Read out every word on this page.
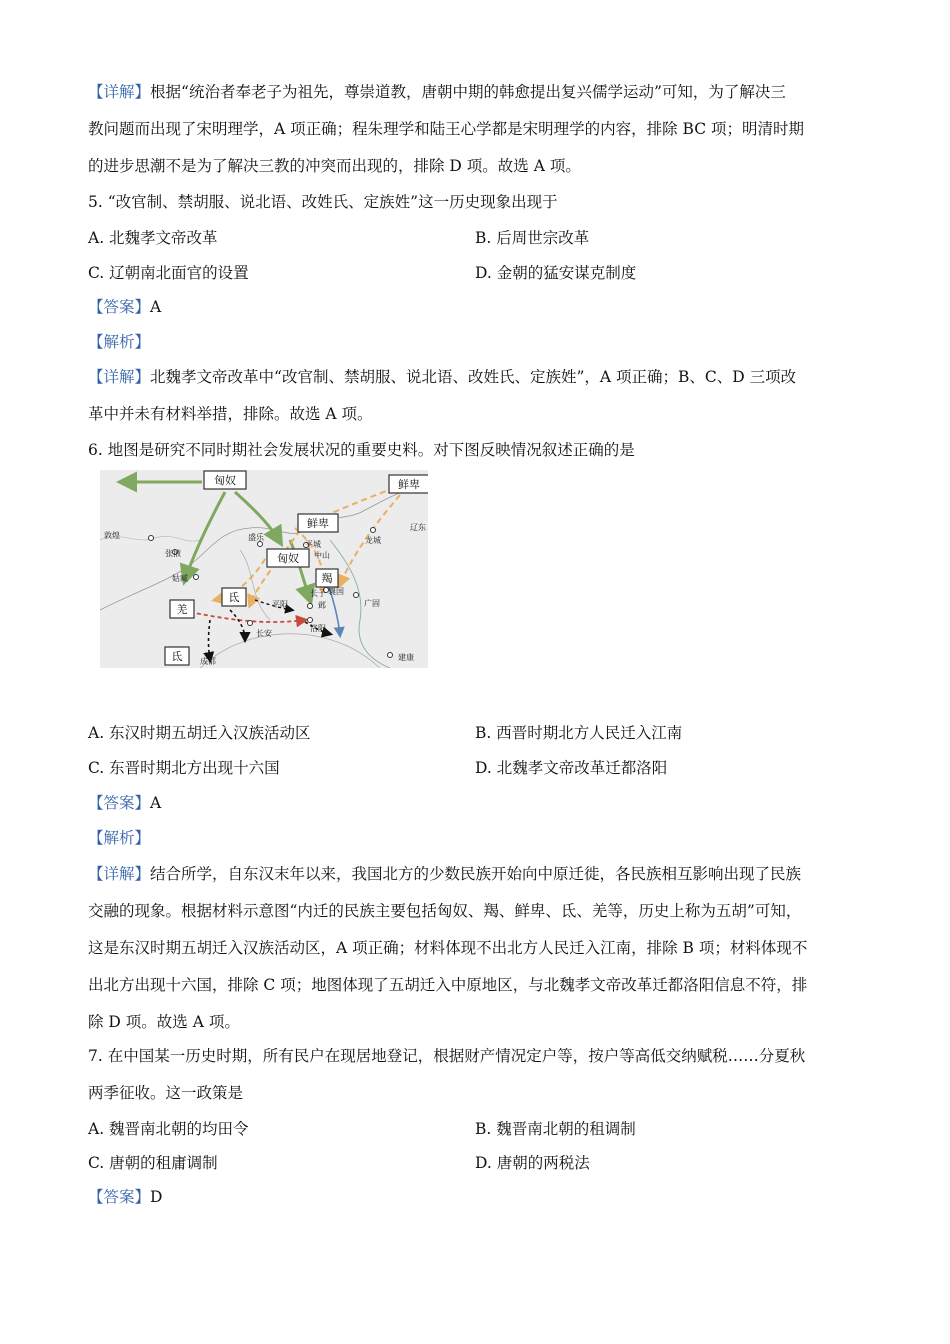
【详解】根据“统治者奉老子为祖先，尊崇道教，唐朝中期的韩愈提出复兴儒学运动”可知，为了解决三
教问题而出现了宋明理学，A 项正确；程朱理学和陆王心学都是宋明理学的内容，排除 BC 项；明清时期
的进步思潮不是为了解决三教的冲突而出现的，排除 D 项。故选 A 项。
5. “改官制、禁胡服、说北语、改姓氏、定族姓”这一历史现象出现于
A. 北魏孝文帝改革	B. 后周世宗改革
C. 辽朝南北面官的设置	D. 金朝的猛安谋克制度
【答案】A
【解析】
【详解】北魏孝文帝改革中“改官制、禁胡服、说北语、改姓氏、定族姓”，A 项正确；B、C、D 三项改
革中并未有材料举措，排除。故选 A 项。
6. 地图是研究不同时期社会发展状况的重要史料。对下图反映情况叙述正确的是
敦煌
张掖
姑臧
盛乐
平城
中山
龙城
辽东
长子
邺
襄国
广固
平阳
长安
洛阳
成都	建康
匈奴	鲜卑
鲜卑
匈奴
羯
羌
氐
氐
A. 东汉时期五胡迁入汉族活动区	B. 西晋时期北方人民迁入江南
C. 东晋时期北方出现十六国	D. 北魏孝文帝改革迁都洛阳
【答案】A
【解析】
【详解】结合所学，自东汉末年以来，我国北方的少数民族开始向中原迁徙，各民族相互影响出现了民族
交融的现象。根据材料示意图“内迁的民族主要包括匈奴、羯、鲜卑、氐、羌等，历史上称为五胡”可知，
这是东汉时期五胡迁入汉族活动区，A 项正确；材料体现不出北方人民迁入江南，排除 B 项；材料体现不
出北方出现十六国，排除 C 项；地图体现了五胡迁入中原地区，与北魏孝文帝改革迁都洛阳信息不符，排
除 D 项。故选 A 项。
7. 在中国某一历史时期，所有民户在现居地登记，根据财产情况定户等，按户等高低交纳赋税……分夏秋
两季征收。这一政策是
A. 魏晋南北朝的均田令	B. 魏晋南北朝的租调制
C. 唐朝的租庸调制	D. 唐朝的两税法
【答案】D
